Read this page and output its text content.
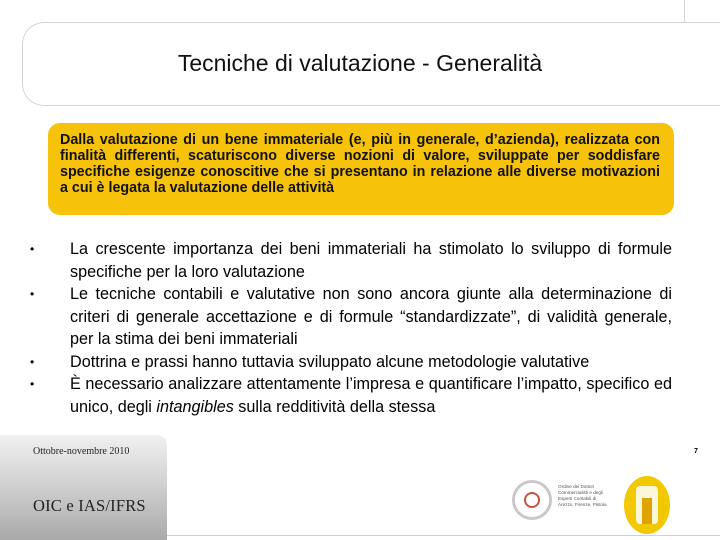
Tecniche di valutazione - Generalità
Dalla valutazione di un bene immateriale (e, più in generale, d’azienda), realizzata con finalità differenti, scaturiscono diverse nozioni di valore, sviluppate per soddisfare specifiche esigenze conoscitive che si presentano in relazione alle diverse motivazioni a cui è legata la valutazione delle attività
•	La crescente importanza dei beni immateriali ha stimolato lo sviluppo di formule specifiche per la loro valutazione
•	Le tecniche contabili e valutative non sono ancora giunte alla determinazione di criteri di generale accettazione e di formule “standardizzate”, di validità generale, per la stima dei beni immateriali
•	Dottrina e prassi hanno tuttavia sviluppato alcune metodologie valutative
•	È necessario analizzare attentamente l’impresa e quantificare l’impatto, specifico ed unico, degli intangibles sulla redditività della stessa
7
Ottobre-novembre 2010
OIC e IAS/IFRS
Ordine dei Dottori Commercialisti e degli Esperti Contabili di Arezzo, Firenze, Pistoia
